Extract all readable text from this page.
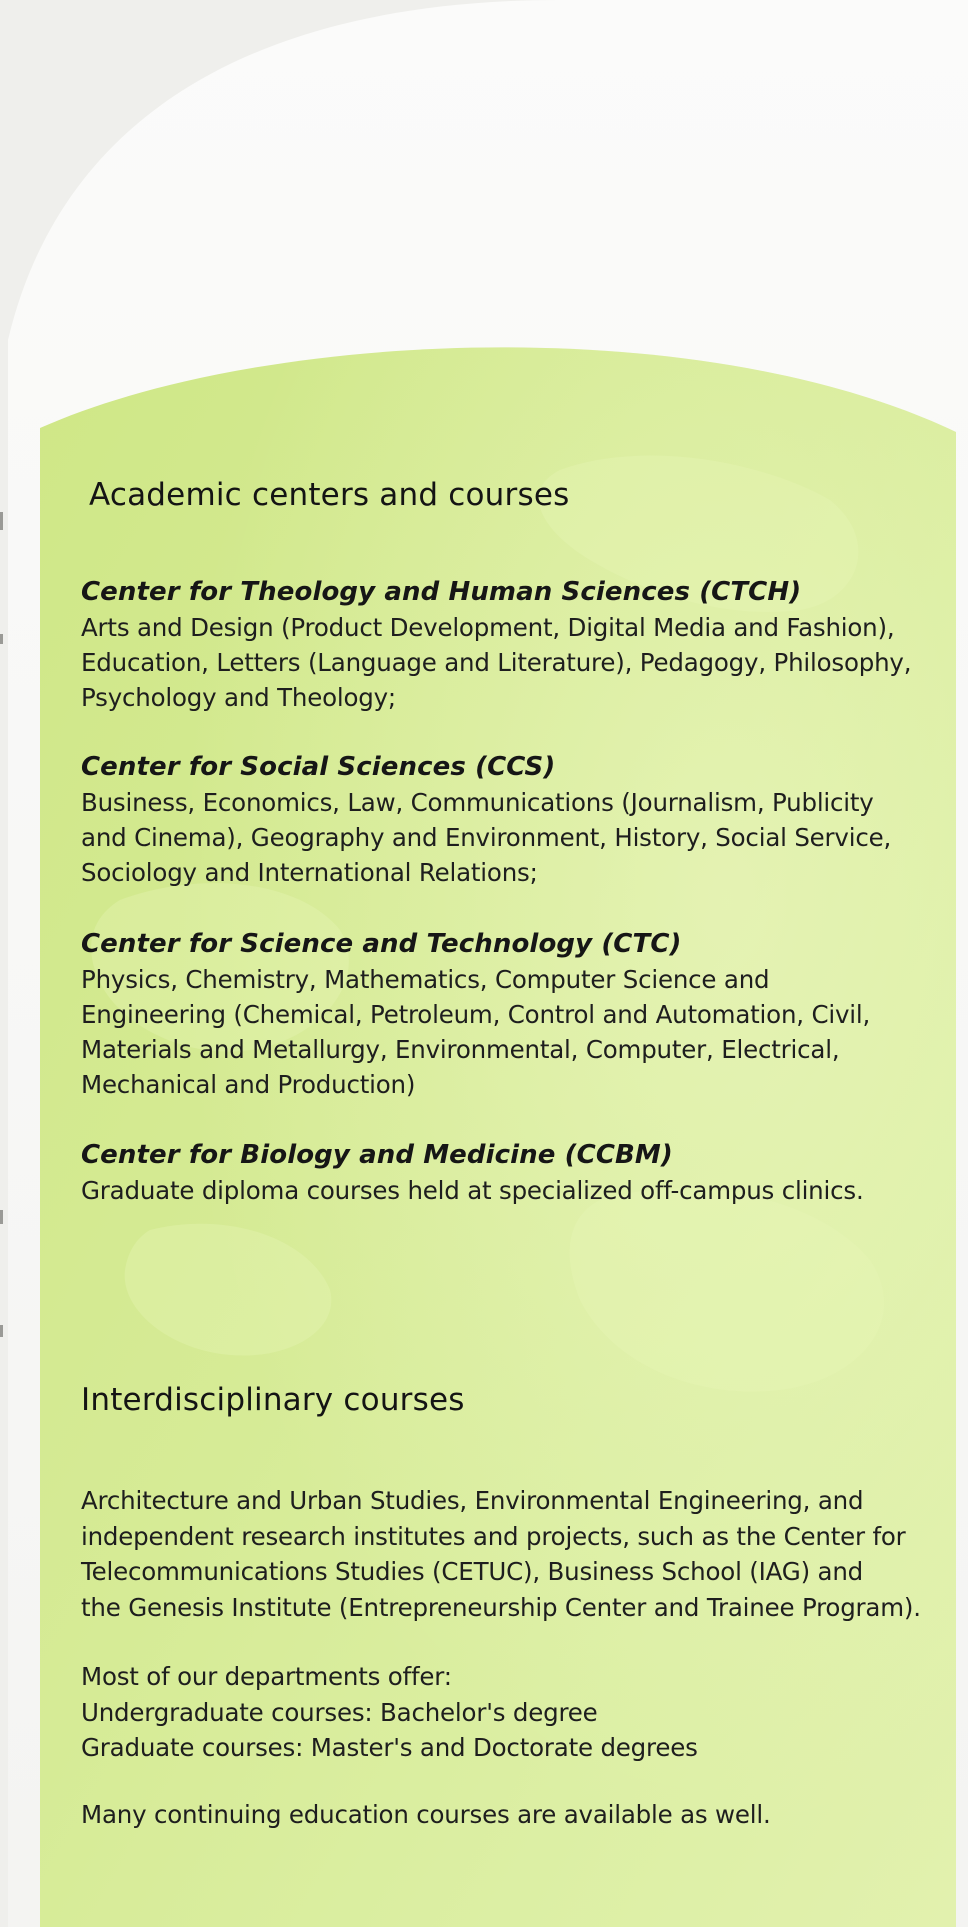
Academic centers and courses

Center for Theology and Human Sciences (CTCH)

Arts and Design (Product Development, Digital Media and Fashion),

Education, Letters (Language and Literature), Pedagogy, Philosophy,

Psychology and Theology;

Center for Social Sciences (CCS)

Business, Economics, Law, Communications (Journalism, Publicity

and Cinema), Geography and Environment, History, Social Service,

Sociology and International Relations;

Center for Science and Technology (CTC)

Physics, Chemistry, Mathematics, Computer Science and

Engineering (Chemical, Petroleum, Control and Automation, Civil,

Materials and Metallurgy, Environmental, Computer, Electrical,

Mechanical and Production)

Center for Biology and Medicine (CCBM)

Graduate diploma courses held at specialized off-campus clinics.

Interdisciplinary courses
Architecture and Urban Studies, Environmental Engineering, and
independent research institutes and projects, such as the Center for
Telecommunications Studies (CETUC), Business School (IAG) and
the Genesis Institute (Entrepreneurship Center and Trainee Program).

Most of our departments offer:

Undergraduate courses: Bachelor's degree

Graduate courses: Master's and Doctorate degrees

Many continuing education courses are available as well.
